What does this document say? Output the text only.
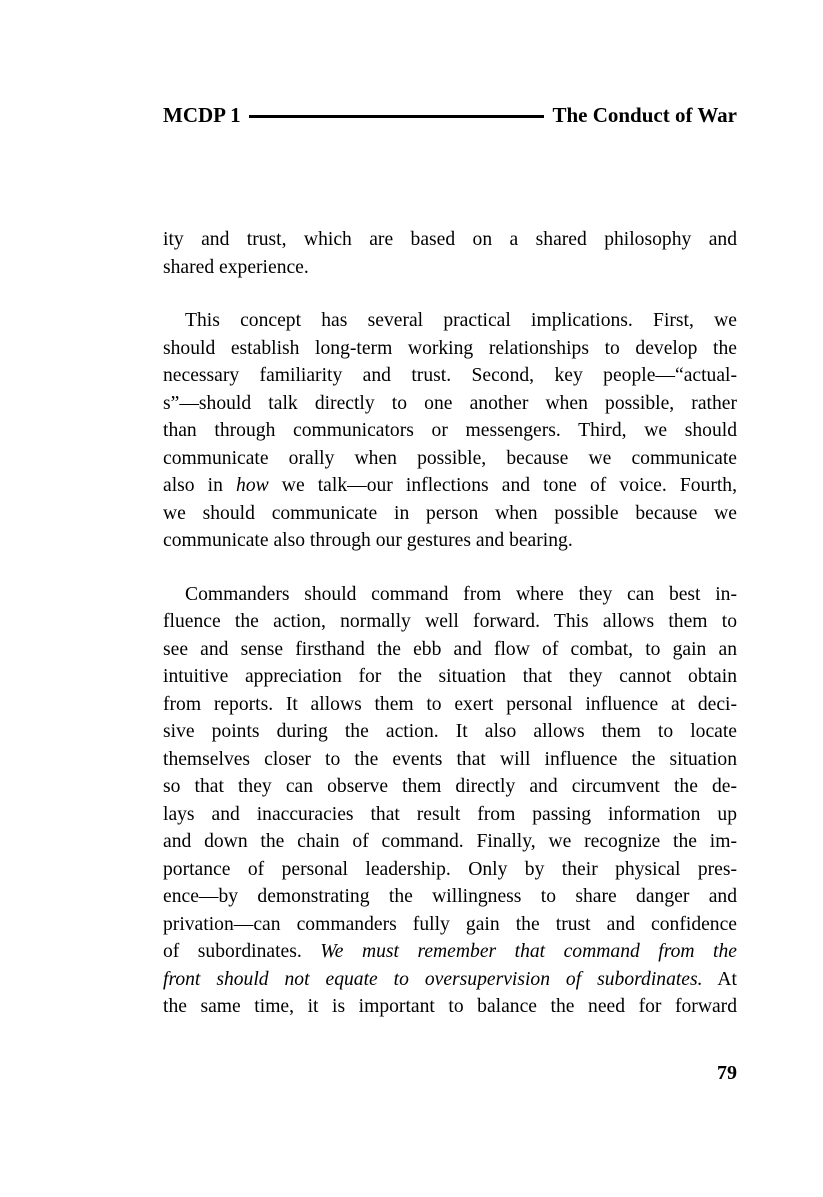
MCDP 1	The Conduct of War
ity and trust, which are based on a shared philosophy and
shared experience.
This concept has several practical implications. First, we
should establish long-term working relationships to develop the
necessary familiarity and trust. Second, key people—“actual-
s”—should talk directly to one another when possible, rather
than through communicators or messengers. Third, we should
communicate orally when possible, because we communicate
also in how we talk—our inflections and tone of voice. Fourth,
we should communicate in person when possible because we
communicate also through our gestures and bearing.
Commanders should command from where they can best in-
fluence the action, normally well forward. This allows them to
see and sense firsthand the ebb and flow of combat, to gain an
intuitive appreciation for the situation that they cannot obtain
from reports. It allows them to exert personal influence at deci-
sive points during the action. It also allows them to locate
themselves closer to the events that will influence the situation
so that they can observe them directly and circumvent the de-
lays and inaccuracies that result from passing information up
and down the chain of command. Finally, we recognize the im-
portance of personal leadership. Only by their physical pres-
ence—by demonstrating the willingness to share danger and
privation—can commanders fully gain the trust and confidence
of subordinates. We must remember that command from the
front should not equate to oversupervision of subordinates. At
the same time, it is important to balance the need for forward
79
